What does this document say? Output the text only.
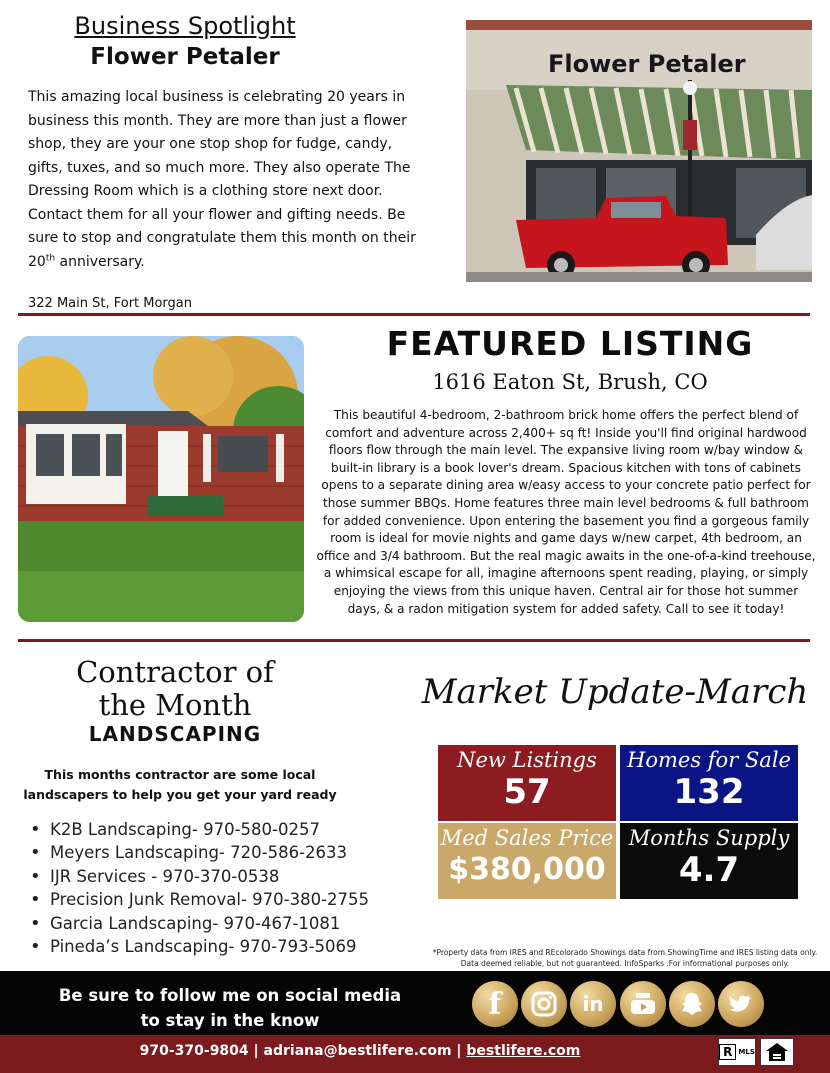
Business Spotlight
Flower Petaler
This amazing local business is celebrating 20 years in business this month. They are more than just a flower shop, they are your one stop shop for fudge, candy, gifts, tuxes, and so much more. They also operate The Dressing Room which is a clothing store next door. Contact them for all your flower and gifting needs. Be sure to stop and congratulate them this month on their 20th anniversary.
322 Main St, Fort Morgan
Flower Petaler
FEATURED LISTING
1616 Eaton St, Brush, CO
This beautiful 4-bedroom, 2-bathroom brick home offers the perfect blend of comfort and adventure across 2,400+ sq ft! Inside you'll find original hardwood floors flow through the main level. The expansive living room w/bay window & built-in library is a book lover's dream. Spacious kitchen with tons of cabinets opens to a separate dining area w/easy access to your concrete patio perfect for those summer BBQs. Home features three main level bedrooms & full bathroom for added convenience. Upon entering the basement you find a gorgeous family room is ideal for movie nights and game days w/new carpet, 4th bedroom, an office and 3/4 bathroom. But the real magic awaits in the one-of-a-kind treehouse, a whimsical escape for all, imagine afternoons spent reading, playing, or simply enjoying the views from this unique haven. Central air for those hot summer days, & a radon mitigation system for added safety. Call to see it today!
Contractor of
the Month
LANDSCAPING
This months contractor are some local landscapers to help you get your yard ready
• K2B Landscaping- 970-580-0257
• Meyers Landscaping- 720-586-2633
• IJR Services - 970-370-0538
• Precision Junk Removal- 970-380-2755
• Garcia Landscaping- 970-467-1081
• Pineda’s Landscaping- 970-793-5069
Market Update-March
New Listings
57
Homes for Sale
132
Med Sales Price
$380,000
Months Supply
4.7
*Property data from IRES and REcolorado Showings data from ShowingTime and IRES listing data only.
Data deemed reliable, but not guaranteed. InfoSparks .For informational purposes only.
Be sure to follow me on social media
to stay in the know	f	in
970-370-9804 | adriana@bestlifere.com | bestlifere.com	R MLS
